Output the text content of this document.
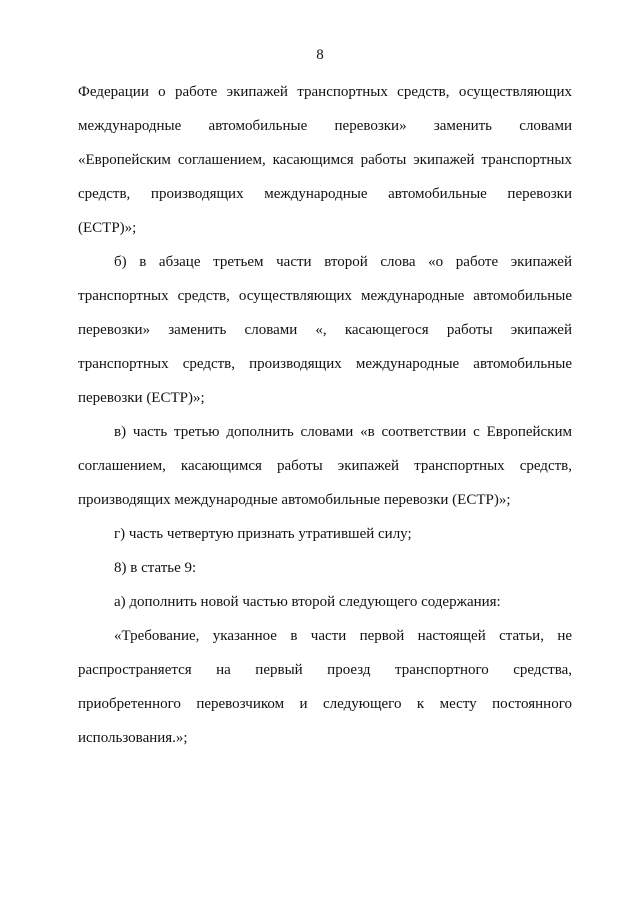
8
Федерации о работе экипажей транспортных средств, осуществляющих
международные автомобильные перевозки» заменить словами
«Европейским соглашением, касающимся работы экипажей транспортных
средств, производящих международные автомобильные перевозки
(ЕСТР)»;
б) в абзаце третьем части второй слова «о работе экипажей
транспортных средств, осуществляющих международные автомобильные
перевозки» заменить словами «, касающегося работы экипажей
транспортных средств, производящих международные автомобильные
перевозки (ЕСТР)»;
в) часть третью дополнить словами «в соответствии с Европейским
соглашением, касающимся работы экипажей транспортных средств,
производящих международные автомобильные перевозки (ЕСТР)»;
г) часть четвертую признать утратившей силу;
8) в статье 9:
а) дополнить новой частью второй следующего содержания:
«Требование, указанное в части первой настоящей статьи, не
распространяется на первый проезд транспортного средства,
приобретенного перевозчиком и следующего к месту постоянного
использования.»;
